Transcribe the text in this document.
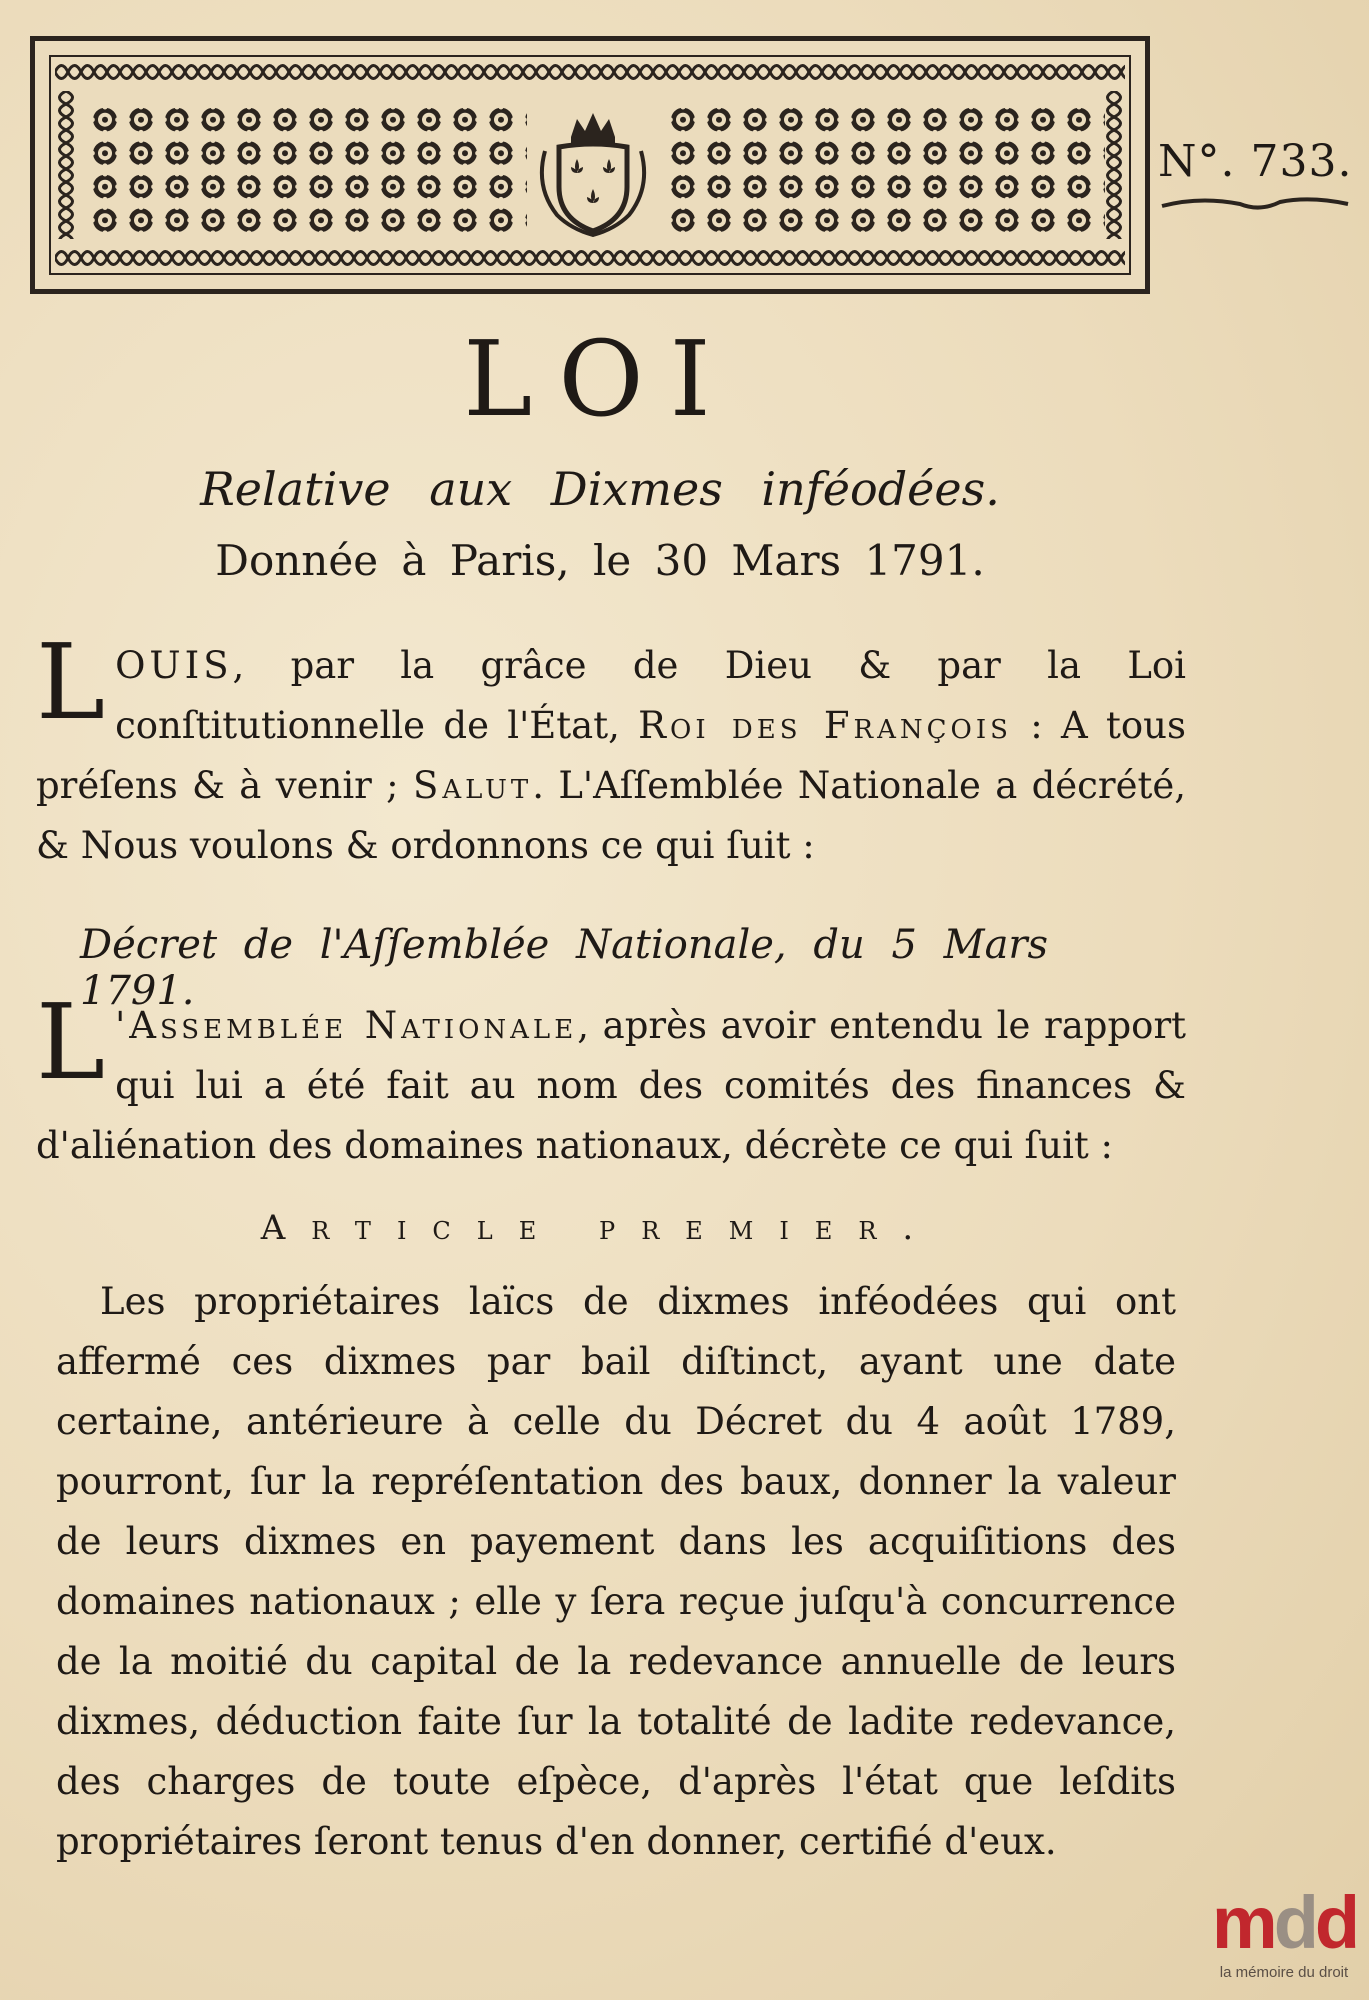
N°. 733.
LOI
Relative aux Dixmes inféodées.
Donnée à Paris, le 30 Mars 1791.
L OUIS, par la grâce de Dieu & par la Loi conſtitutionnelle de l'État, Roi des François : A tous préſens & à venir ; Salut. L'Aſſemblée Nationale a décrété, & Nous voulons & ordonnons ce qui ſuit :

Décret de l'Aſſemblée Nationale, du 5 Mars 1791.
L 'Assemblée Nationale, après avoir entendu le rapport qui lui a été fait au nom des comités des finances & d'aliénation des domaines nationaux, décrète ce qui ſuit :

Article premier.

Les propriétaires laïcs de dixmes inféodées qui ont affermé ces dixmes par bail diſtinct, ayant une date certaine, antérieure à celle du Décret du 4 août 1789, pourront, ſur la repréſentation des baux, donner la valeur de leurs dixmes en payement dans les acquiſitions des domaines nationaux ; elle y ſera reçue juſqu'à concurrence de la moitié du capital de la redevance annuelle de leurs dixmes, déduction faite ſur la totalité de ladite redevance, des charges de toute eſpèce, d'après l'état que leſdits propriétaires ſeront tenus d'en donner, certifié d'eux.

mdd
la mémoire du droit
